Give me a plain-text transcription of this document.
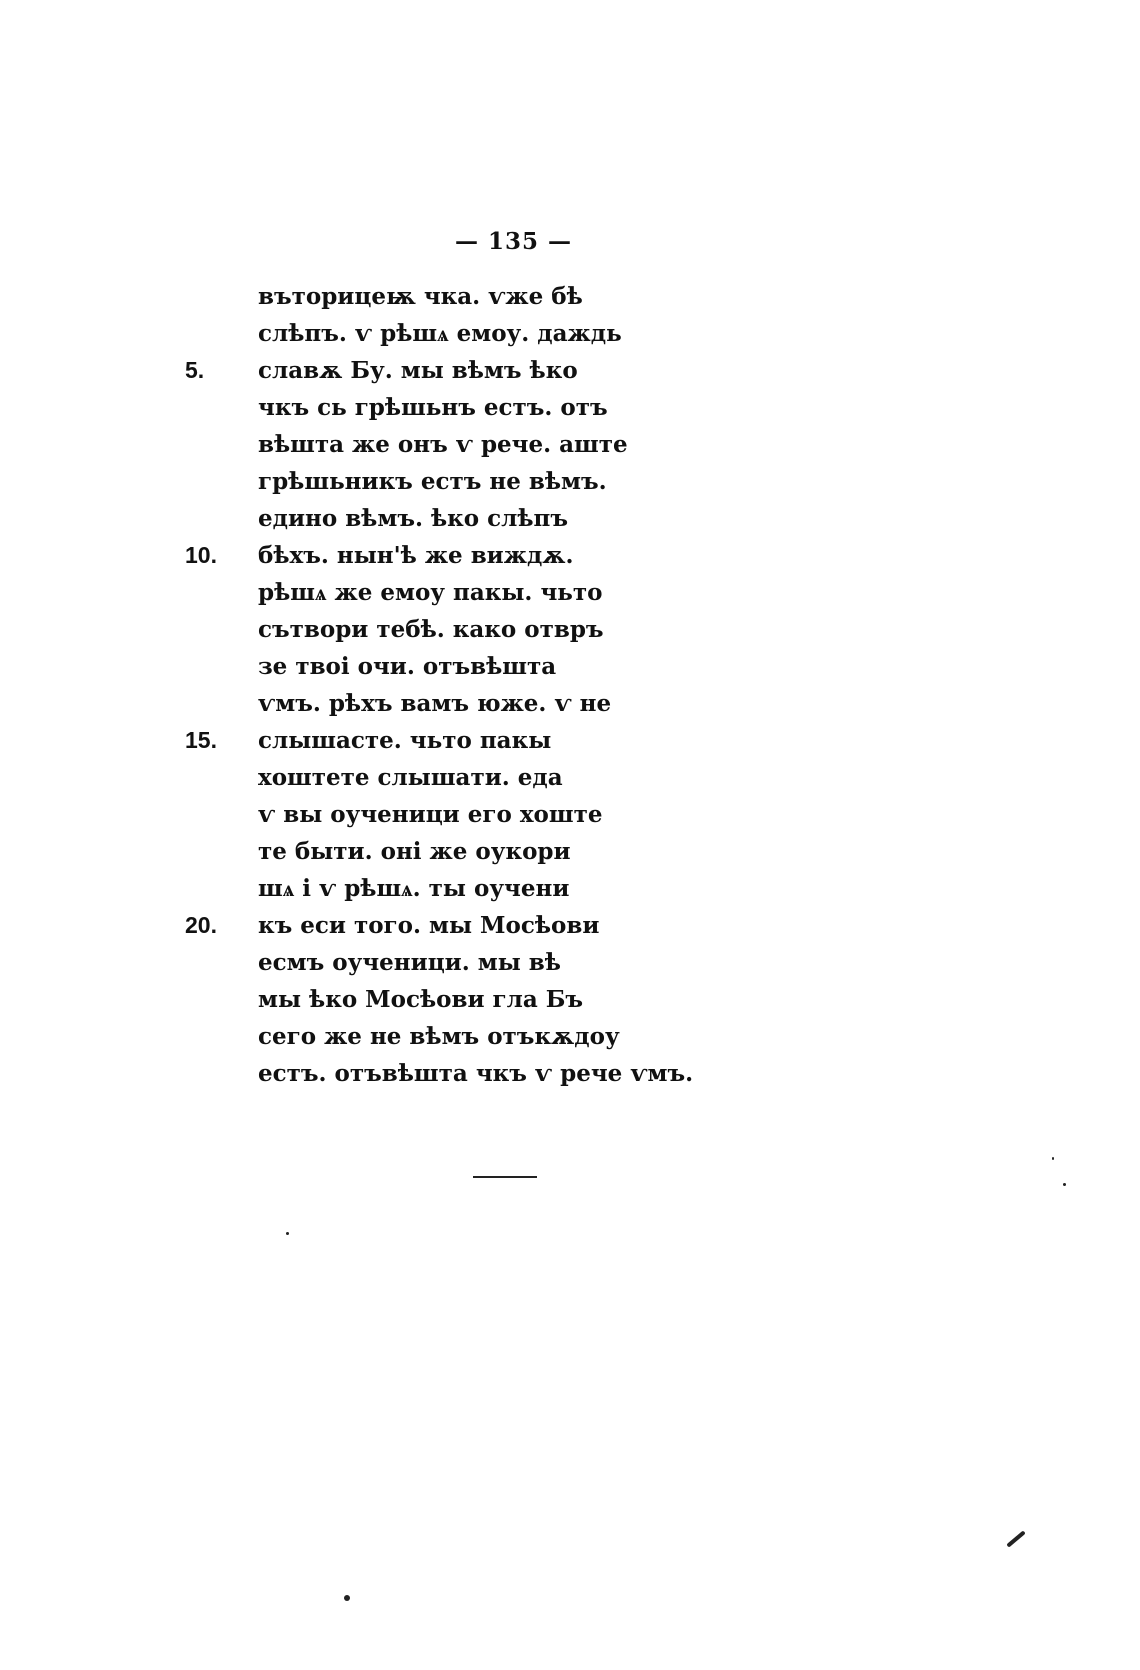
— 135 —
въторицеѭ чка. ѵже бѣ
слѣпъ. ѵ рѣшѧ емоу. даждь
5.	славѫ Бу. мы вѣмъ ѣко
чкъ сь грѣшьнъ естъ. отъ
вѣшта же онъ ѵ рече. аште
грѣшьникъ естъ не вѣмъ.
едино вѣмъ. ѣко слѣпъ
10.	бѣхъ. нын'ѣ же виждѫ.
рѣшѧ же емоу пакы. чьто
сътвори тебѣ. како отвръ
зе твоі очи. отъвѣшта
ѵмъ. рѣхъ вамъ юже. ѵ не
15.	слышасте. чьто пакы
хоштете слышати. еда
ѵ вы оученици его хоште
те быти. оні же оукори
шѧ і ѵ рѣшѧ. ты оучени
20.	къ еси того. мы Мосѣови
есмъ оученици. мы вѣ
мы ѣко Мосѣови гла Бъ
сего же не вѣмъ отъкѫдоу
естъ. отъвѣшта чкъ ѵ рече ѵмъ.
